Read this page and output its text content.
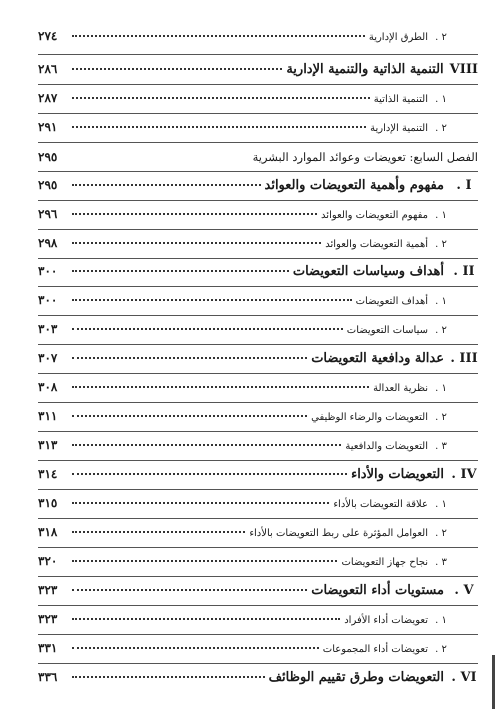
٢ .
الطرق الإدارية
٢٧٤
VIII
التنمية الذاتية والتنمية الإدارية
٢٨٦
١ .
التنمية الذاتية
٢٨٧
٢ .
التنمية الإدارية
٢٩١
الفصل السابع: تعويضات وعوائد الموارد البشرية
٢٩٥
I .
مفهوم وأهمية التعويضات والعوائد
٢٩٥
١ .
مفهوم التعويضات والعوائد
٢٩٦
٢ .
أهمية التعويضات والعوائد
٢٩٨
II .
أهداف وسياسات التعويضات
٣٠٠
١ .
أهداف التعويضات
٣٠٠
٢ .
سياسات التعويضات
٣٠٣
III .
عدالة ودافعية التعويضات
٣٠٧
١ .
نظرية العدالة
٣٠٨
٢ .
التعويضات والرضاء الوظيفي
٣١١
٣ .
التعويضات والدافعية
٣١٣
IV .
التعويضات والأداء
٣١٤
١ .
علاقة التعويضات بالأداء
٣١٥
٢ .
العوامل المؤثرة على ربط التعويضات بالأداء
٣١٨
٣ .
نجاح جهاز التعويضات
٣٢٠
V .
مستويات أداء التعويضات
٣٢٣
١ .
تعويضات أداء الأفراد
٣٢٣
٢ .
تعويضات أداء المجموعات
٣٣١
VI .
التعويضات وطرق تقييم الوظائف
٣٣٦
